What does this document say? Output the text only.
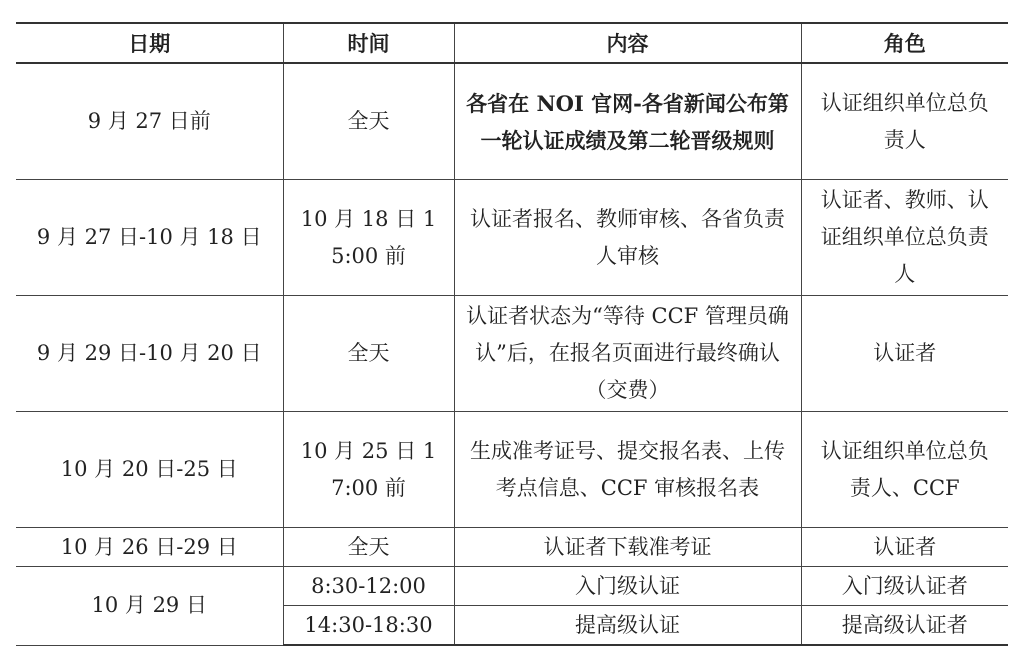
日期	时间	内容	角色
9 月 27 日前	全天	各省在 NOI 官网-各省新闻公布第一轮认证成绩及第二轮晋级规则	认证组织单位总负责人
9 月 27 日-10 月 18 日	10 月 18 日 15:00 前	认证者报名、教师审核、各省负责人审核	认证者、教师、认证组织单位总负责人
9 月 29 日-10 月 20 日	全天	认证者状态为“等待 CCF 管理员确认”后，在报名页面进行最终确认（交费）	认证者
10 月 20 日-25 日	10 月 25 日 17:00 前	生成准考证号、提交报名表、上传考点信息、CCF 审核报名表	认证组织单位总负责人、CCF
10 月 26 日-29 日	全天	认证者下载准考证	认证者
10 月 29 日	8:30-12:00	入门级认证	入门级认证者
	14:30-18:30	提高级认证	提高级认证者
